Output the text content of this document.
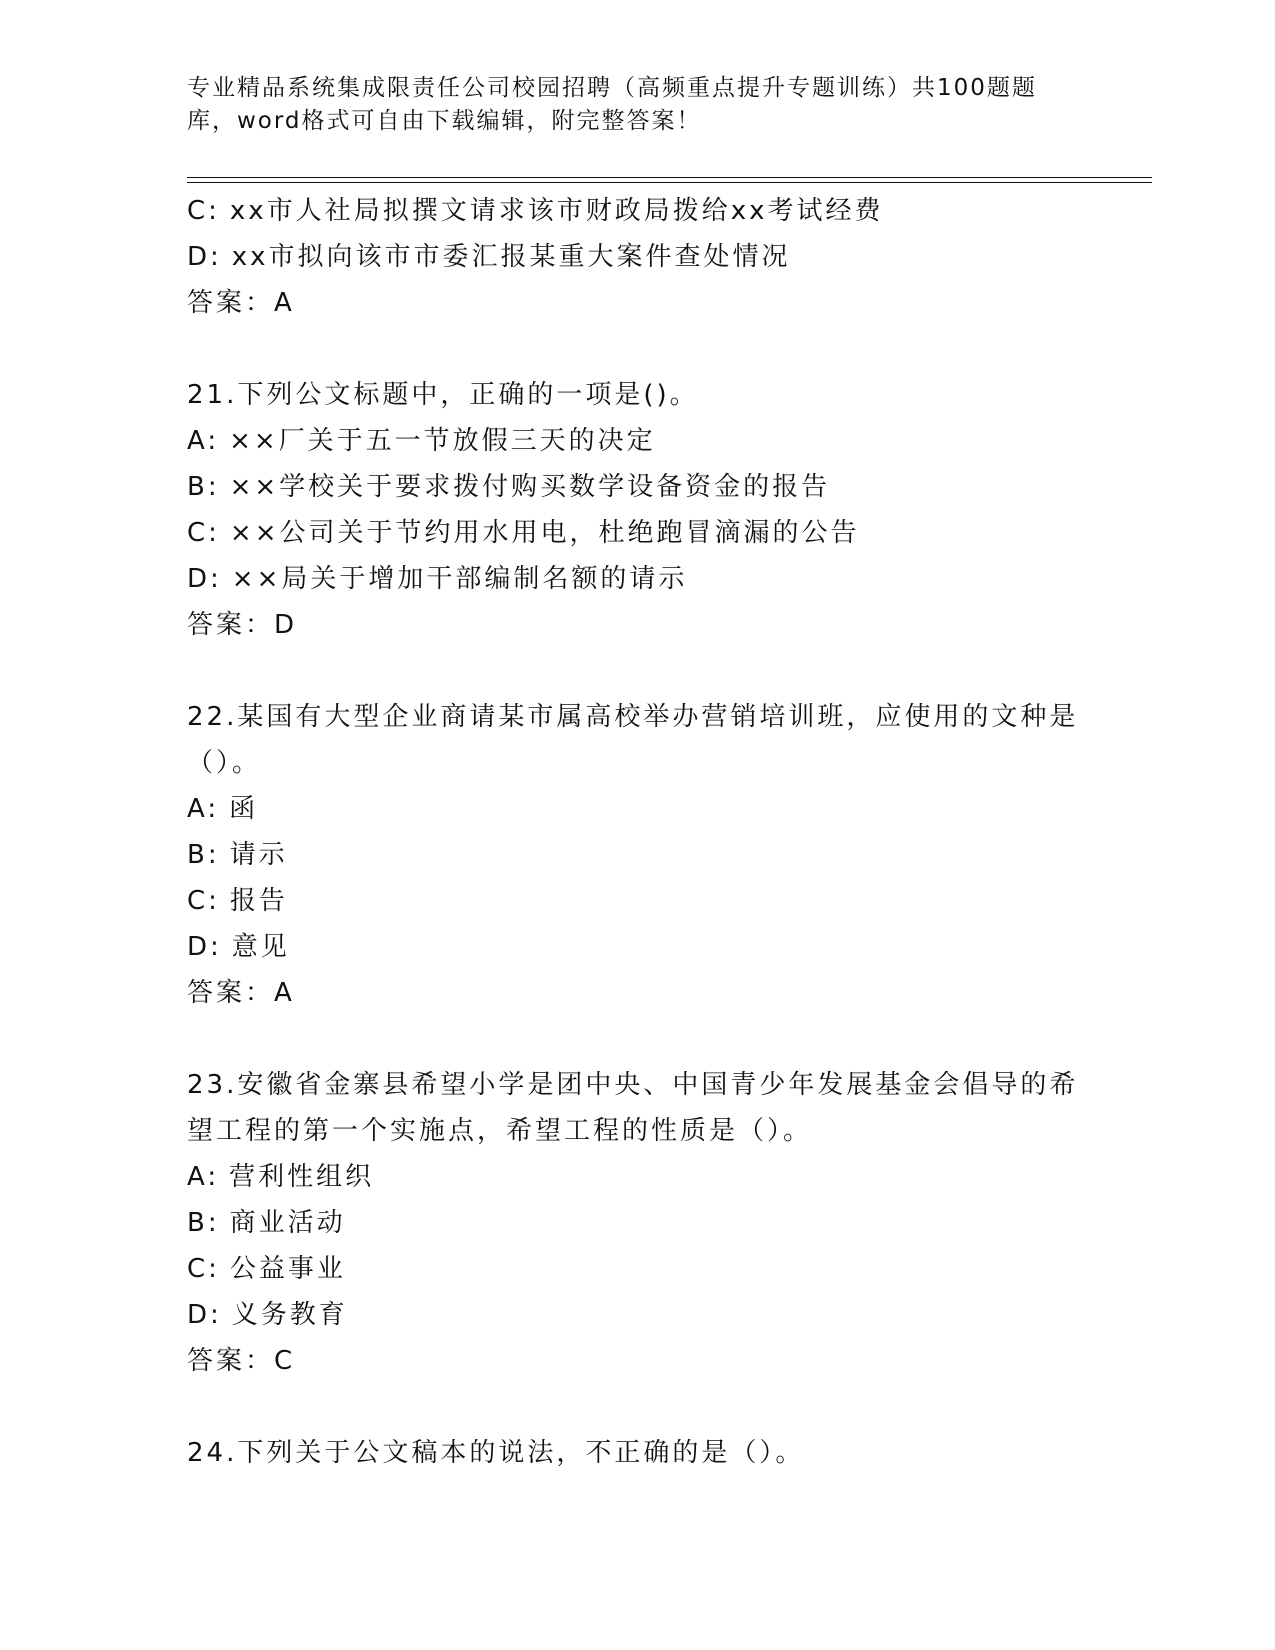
专业精品系统集成限责任公司校园招聘（高频重点提升专题训练）共100题题库，word格式可自由下载编辑，附完整答案！
C: xx市人社局拟撰文请求该市财政局拨给xx考试经费
D: xx市拟向该市市委汇报某重大案件查处情况
答案：A
21.下列公文标题中，正确的一项是()。
A: ××厂关于五一节放假三天的决定
B: ××学校关于要求拨付购买数学设备资金的报告
C: ××公司关于节约用水用电，杜绝跑冒滴漏的公告
D: ××局关于增加干部编制名额的请示
答案：D
22.某国有大型企业商请某市属高校举办营销培训班，应使用的文种是（）。
A: 函
B: 请示
C: 报告
D: 意见
答案：A
23.安徽省金寨县希望小学是团中央、中国青少年发展基金会倡导的希望工程的第一个实施点，希望工程的性质是（）。
A: 营利性组织
B: 商业活动
C: 公益事业
D: 义务教育
答案：C
24.下列关于公文稿本的说法，不正确的是（）。
